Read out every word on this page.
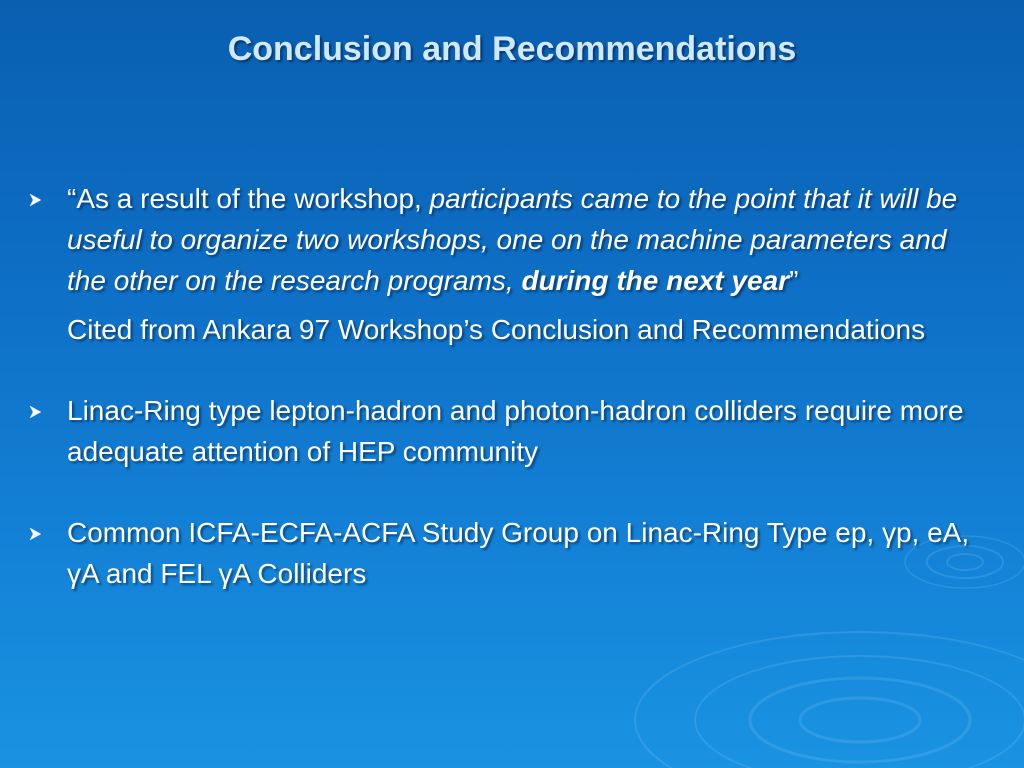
Conclusion and Recommendations
“As a result of the workshop, participants came to the point that it will be useful to organize two workshops, one on the machine parameters and the other on the research programs, during the next year”
Cited from Ankara 97 Workshop’s Conclusion and Recommendations
Linac-Ring type lepton-hadron and photon-hadron colliders require more adequate attention of HEP community
Common ICFA-ECFA-ACFA Study Group on Linac-Ring Type ep, γp, eA, γA and FEL γA Colliders
